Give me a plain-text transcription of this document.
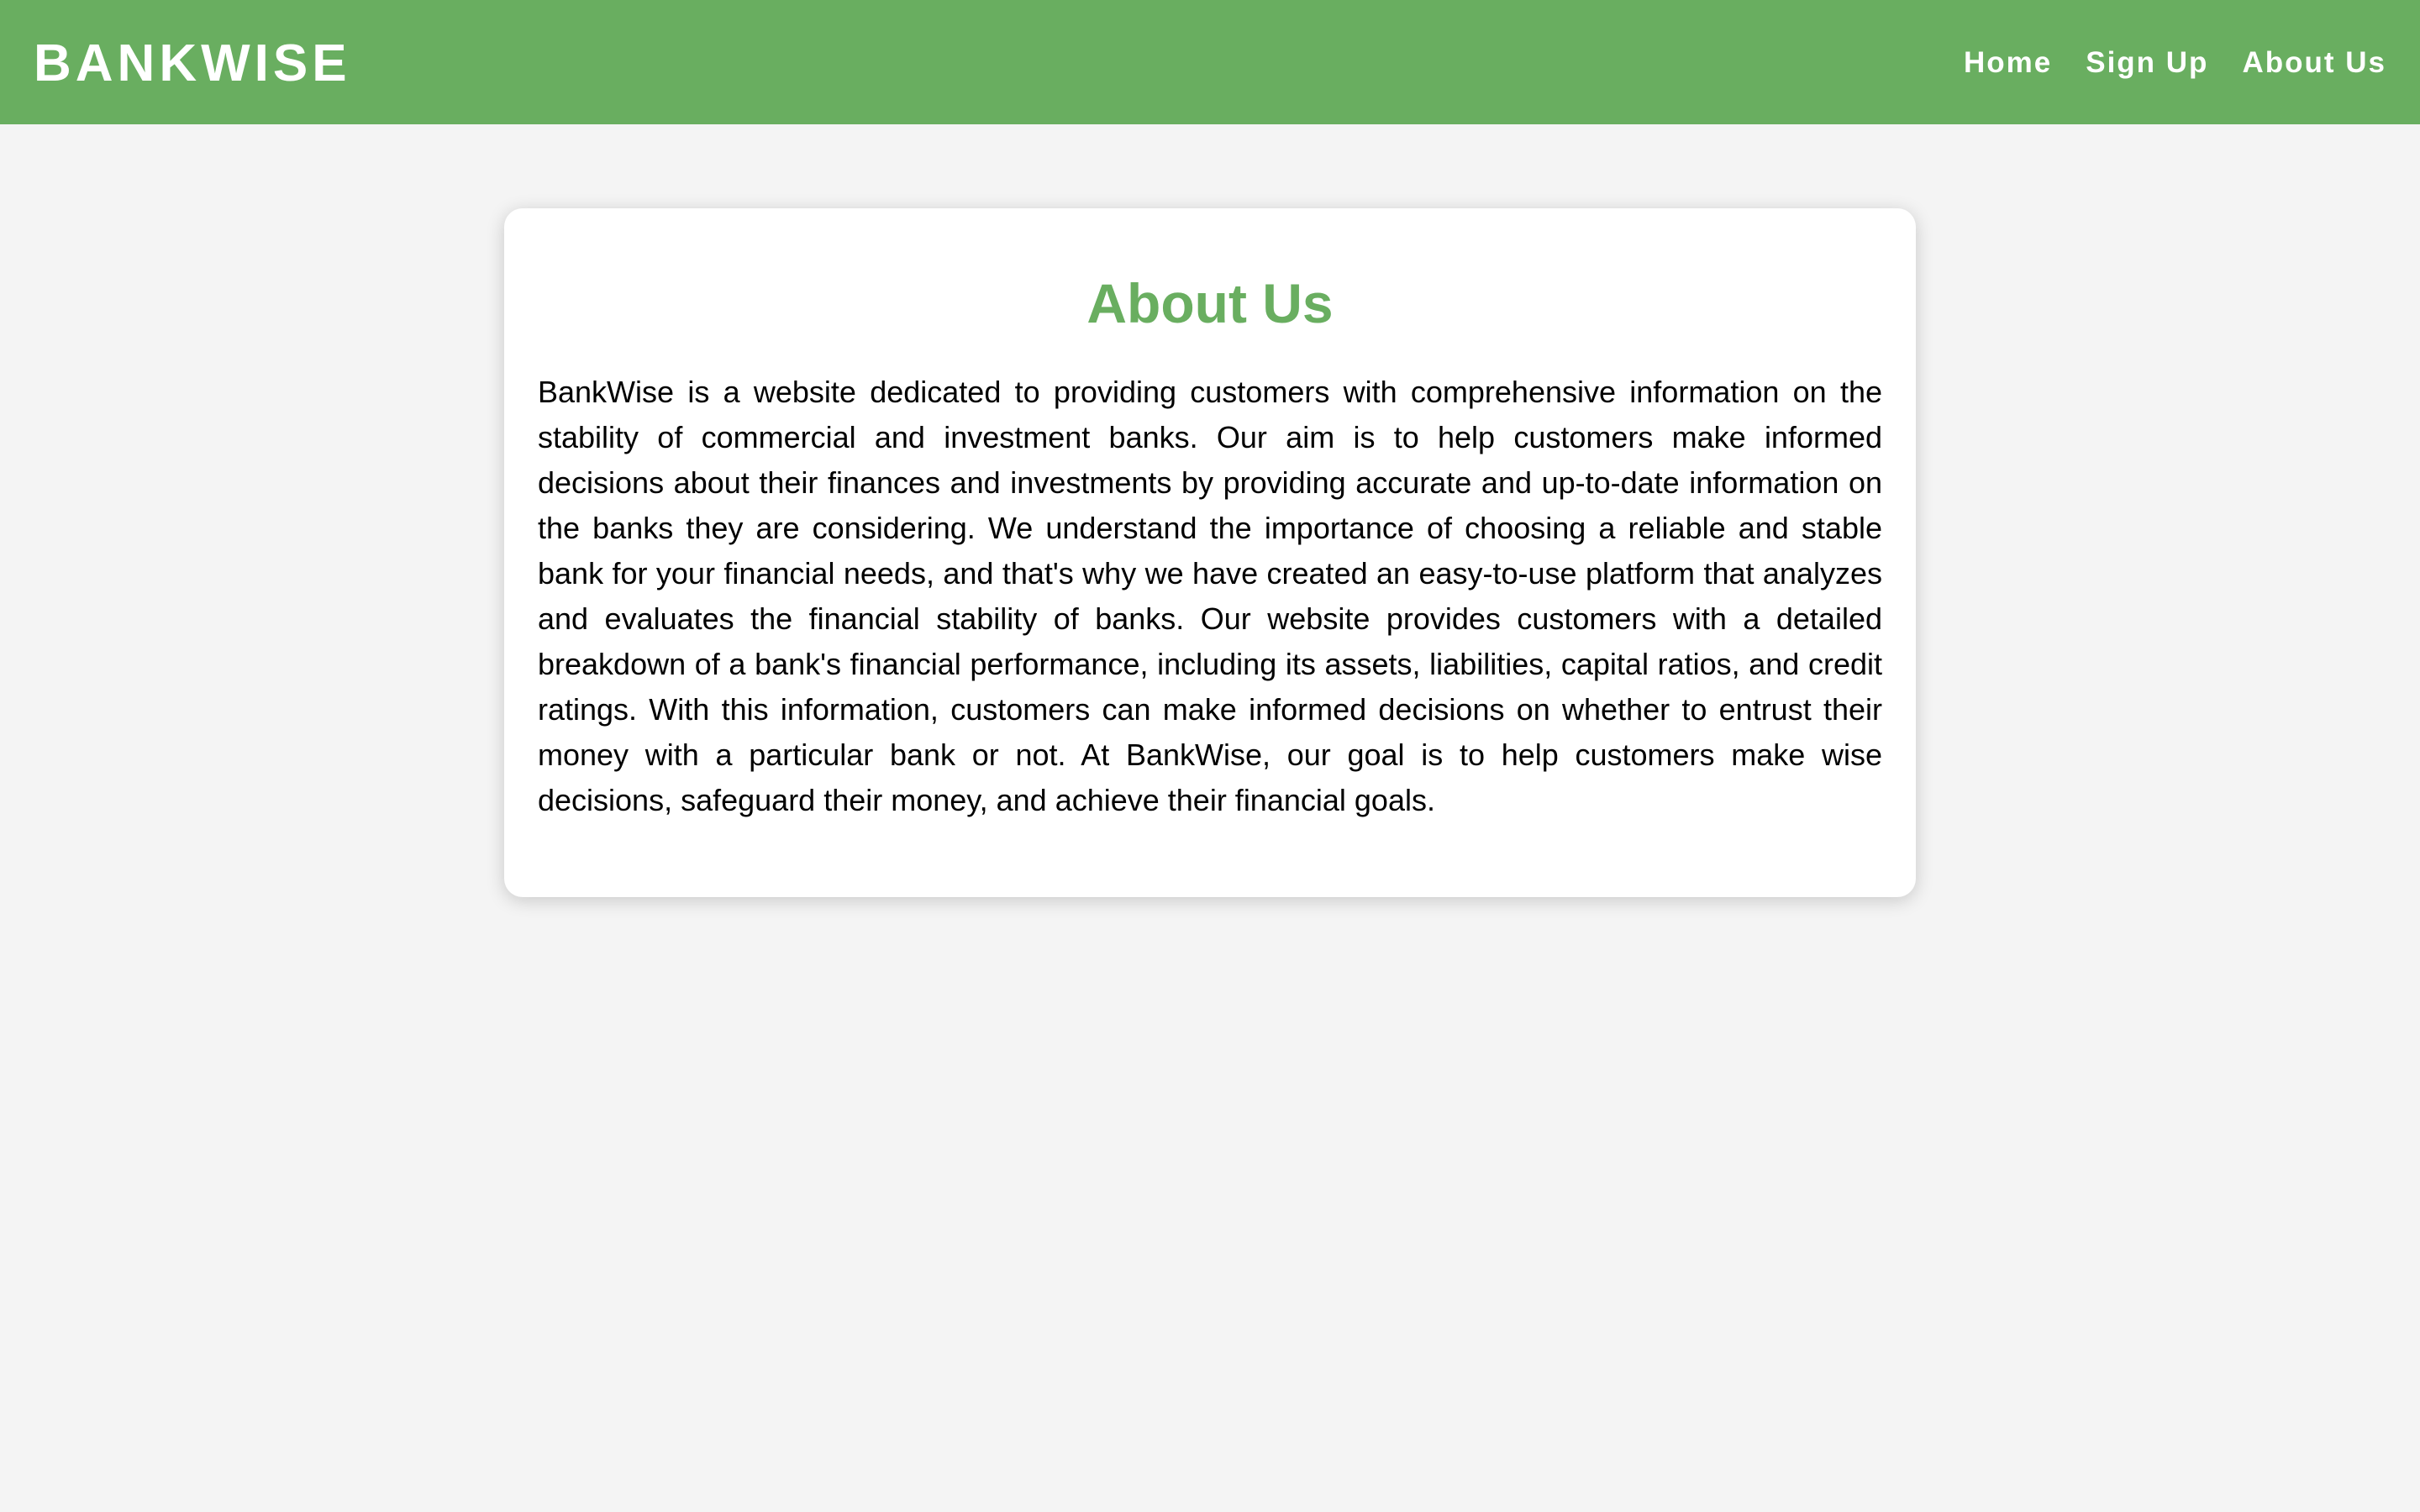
BANKWISE	Home Sign Up About Us
About Us

BankWise is a website dedicated to providing customers with comprehensive information on the stability of commercial and investment banks. Our aim is to help customers make informed decisions about their finances and investments by providing accurate and up-to-date information on the banks they are considering. We understand the importance of choosing a reliable and stable bank for your financial needs, and that's why we have created an easy-to-use platform that analyzes and evaluates the financial stability of banks. Our website provides customers with a detailed breakdown of a bank's financial performance, including its assets, liabilities, capital ratios, and credit ratings. With this information, customers can make informed decisions on whether to entrust their money with a particular bank or not. At BankWise, our goal is to help customers make wise decisions, safeguard their money, and achieve their financial goals.
